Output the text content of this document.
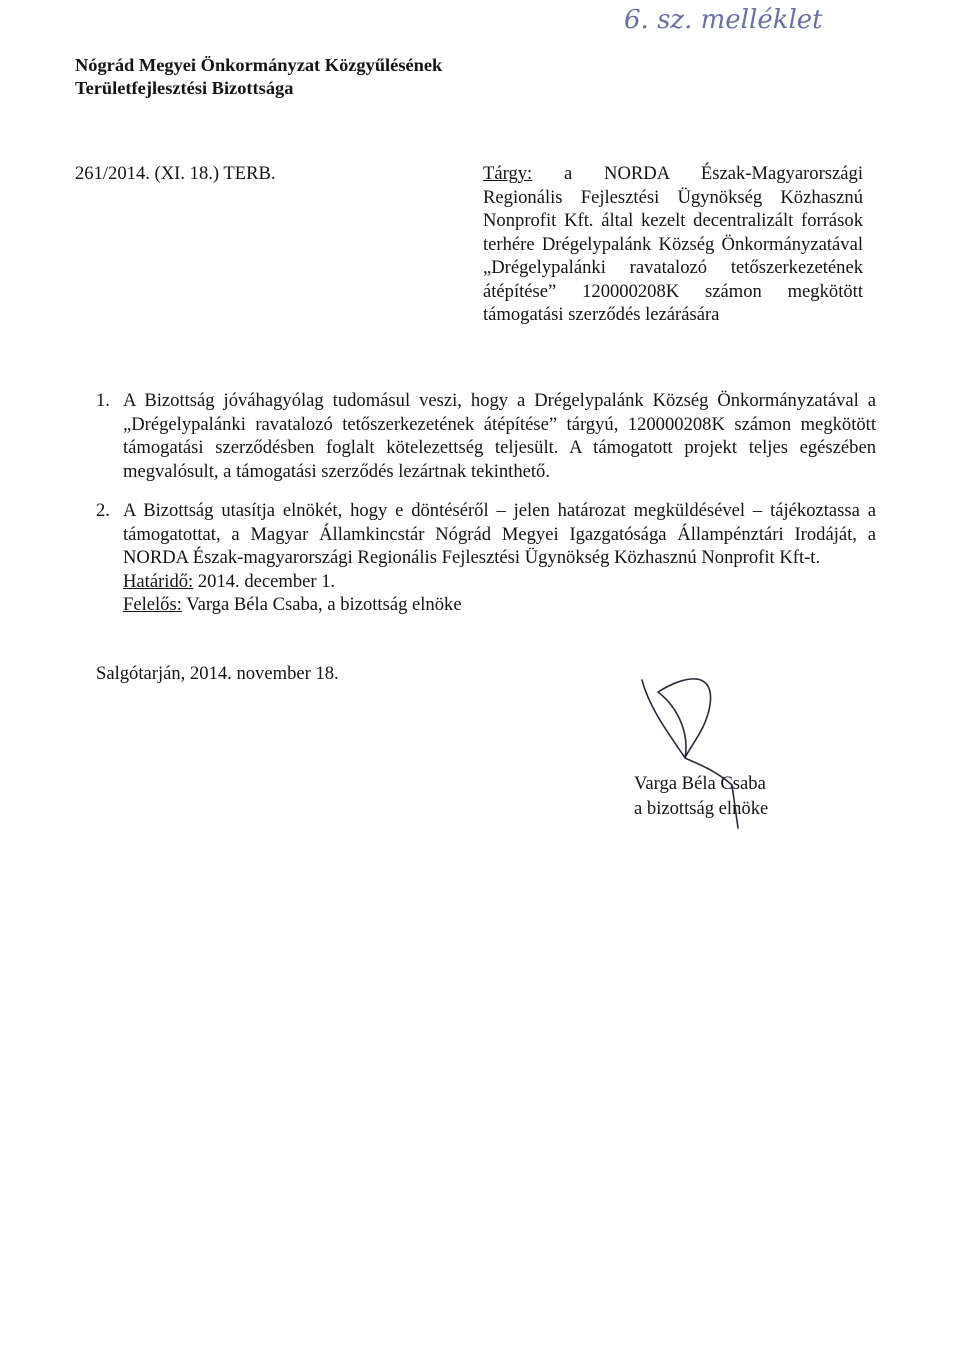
6. sz. melléklet
Nógrád Megyei Önkormányzat Közgyűlésének
Területfejlesztési Bizottsága
261/2014. (XI. 18.) TERB.	Tárgy: a NORDA Észak-Magyarországi Regionális Fejlesztési Ügynökség Közhasznú Nonprofit Kft. által kezelt decentralizált források terhére Drégelypalánk Község Önkormányzatával „Drégelypalánki ravatalozó tetőszerkezetének átépítése” 120000208K számon megkötött támogatási szerződés lezárására

1. A Bizottság jóváhagyólag tudomásul veszi, hogy a Drégelypalánk Község Önkormányzatával a „Drégelypalánki ravatalozó tetőszerkezetének átépítése” tárgyú, 120000208K számon megkötött támogatási szerződésben foglalt kötelezettség teljesült. A támogatott projekt teljes egészében megvalósult, a támogatási szerződés lezártnak tekinthető.
2. A Bizottság utasítja elnökét, hogy e döntéséről – jelen határozat megküldésével – tájékoztassa a támogatottat, a Magyar Államkincstár Nógrád Megyei Igazgatósága Állampénztári Irodáját, a NORDA Észak-magyarországi Regionális Fejlesztési Ügynökség Közhasznú Nonprofit Kft-t.
Határidő: 2014. december 1.
Felelős: Varga Béla Csaba, a bizottság elnöke
Salgótarján, 2014. november 18.
Varga Béla Csaba
a bizottság elnöke
